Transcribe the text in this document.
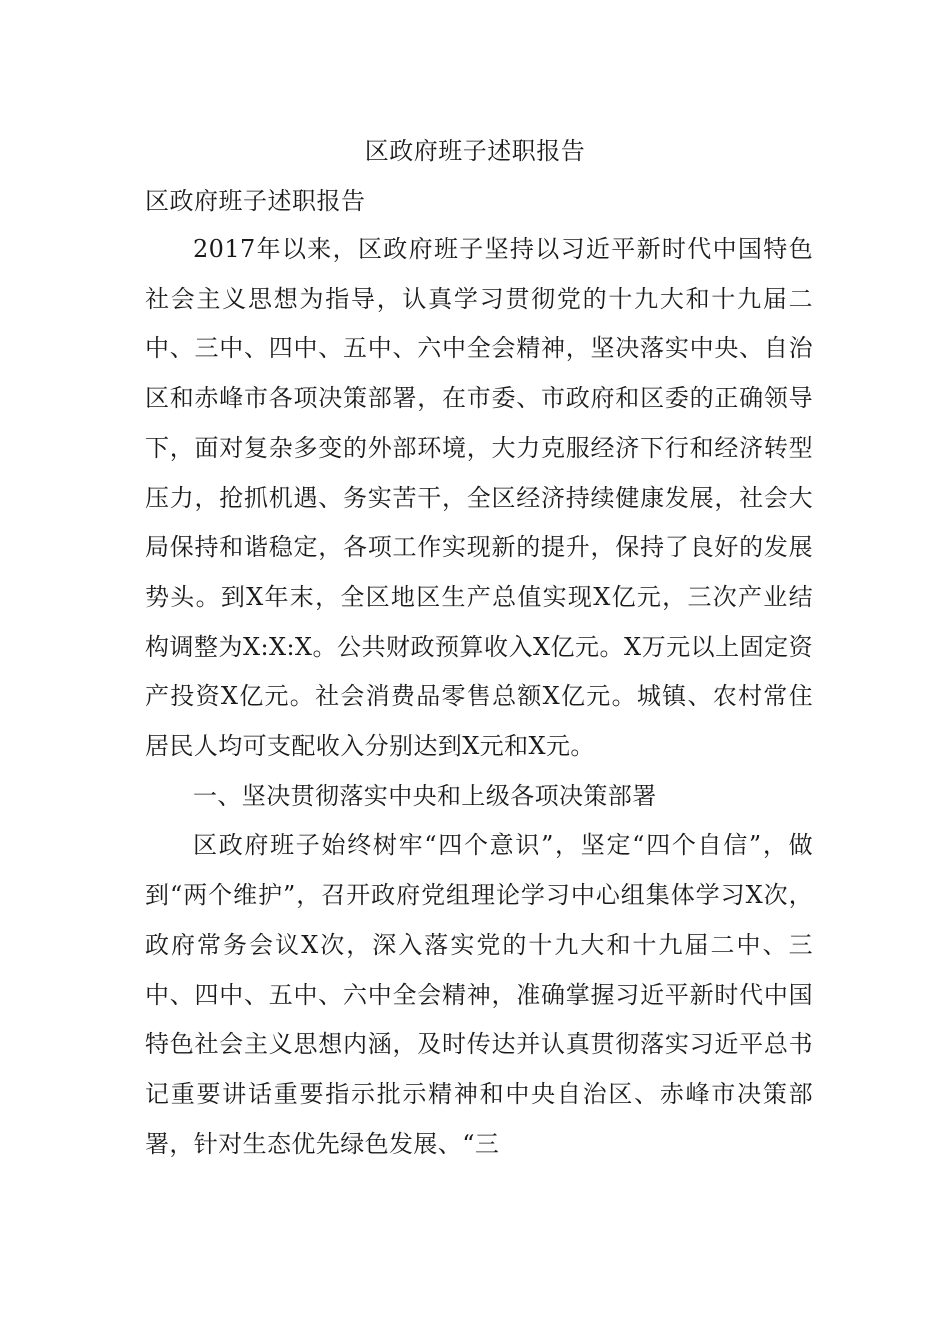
区政府班子述职报告
区政府班子述职报告

2017年以来，区政府班子坚持以习近平新时代中国特色社会主义思想为指导，认真学习贯彻党的十九大和十九届二中、三中、四中、五中、六中全会精神，坚决落实中央、自治区和赤峰市各项决策部署，在市委、市政府和区委的正确领导下，面对复杂多变的外部环境，大力克服经济下行和经济转型压力，抢抓机遇、务实苦干，全区经济持续健康发展，社会大局保持和谐稳定，各项工作实现新的提升，保持了良好的发展势头。到X年末，全区地区生产总值实现X亿元，三次产业结构调整为X:X:X。公共财政预算收入X亿元。X万元以上固定资产投资X亿元。社会消费品零售总额X亿元。城镇、农村常住居民人均可支配收入分别达到X元和X元。

一、坚决贯彻落实中央和上级各项决策部署

区政府班子始终树牢“四个意识”，坚定“四个自信”，做到“两个维护”，召开政府党组理论学习中心组集体学习X次，政府常务会议X次，深入落实党的十九大和十九届二中、三中、四中、五中、六中全会精神，准确掌握习近平新时代中国特色社会主义思想内涵，及时传达并认真贯彻落实习近平总书记重要讲话重要指示批示精神和中央自治区、赤峰市决策部署，针对生态优先绿色发展、“三
